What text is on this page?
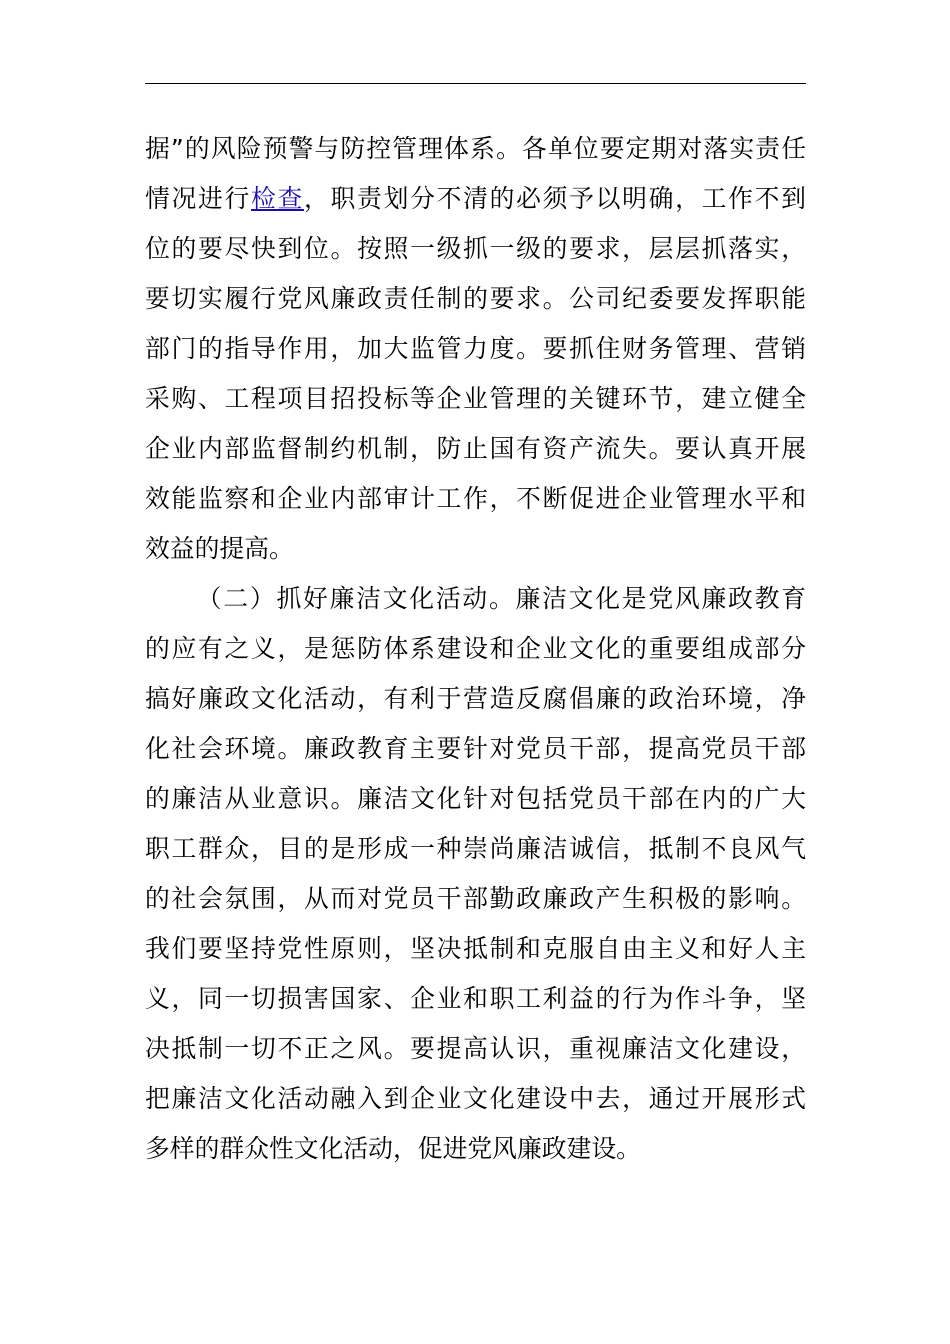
据”的风险预警与防控管理体系。各单位要定期对落实责任
情况进行检查，职责划分不清的必须予以明确，工作不到
位的要尽快到位。按照一级抓一级的要求，层层抓落实，
要切实履行党风廉政责任制的要求。公司纪委要发挥职能
部门的指导作用，加大监管力度。要抓住财务管理、营销
采购、工程项目招投标等企业管理的关键环节，建立健全
企业内部监督制约机制，防止国有资产流失。要认真开展
效能监察和企业内部审计工作，不断促进企业管理水平和
效益的提高。
（二）抓好廉洁文化活动。廉洁文化是党风廉政教育
的应有之义，是惩防体系建设和企业文化的重要组成部分
搞好廉政文化活动，有利于营造反腐倡廉的政治环境，净
化社会环境。廉政教育主要针对党员干部，提高党员干部
的廉洁从业意识。廉洁文化针对包括党员干部在内的广大
职工群众，目的是形成一种崇尚廉洁诚信，抵制不良风气
的社会氛围，从而对党员干部勤政廉政产生积极的影响。
我们要坚持党性原则，坚决抵制和克服自由主义和好人主
义，同一切损害国家、企业和职工利益的行为作斗争，坚
决抵制一切不正之风。要提高认识，重视廉洁文化建设，
把廉洁文化活动融入到企业文化建设中去，通过开展形式
多样的群众性文化活动，促进党风廉政建设。
